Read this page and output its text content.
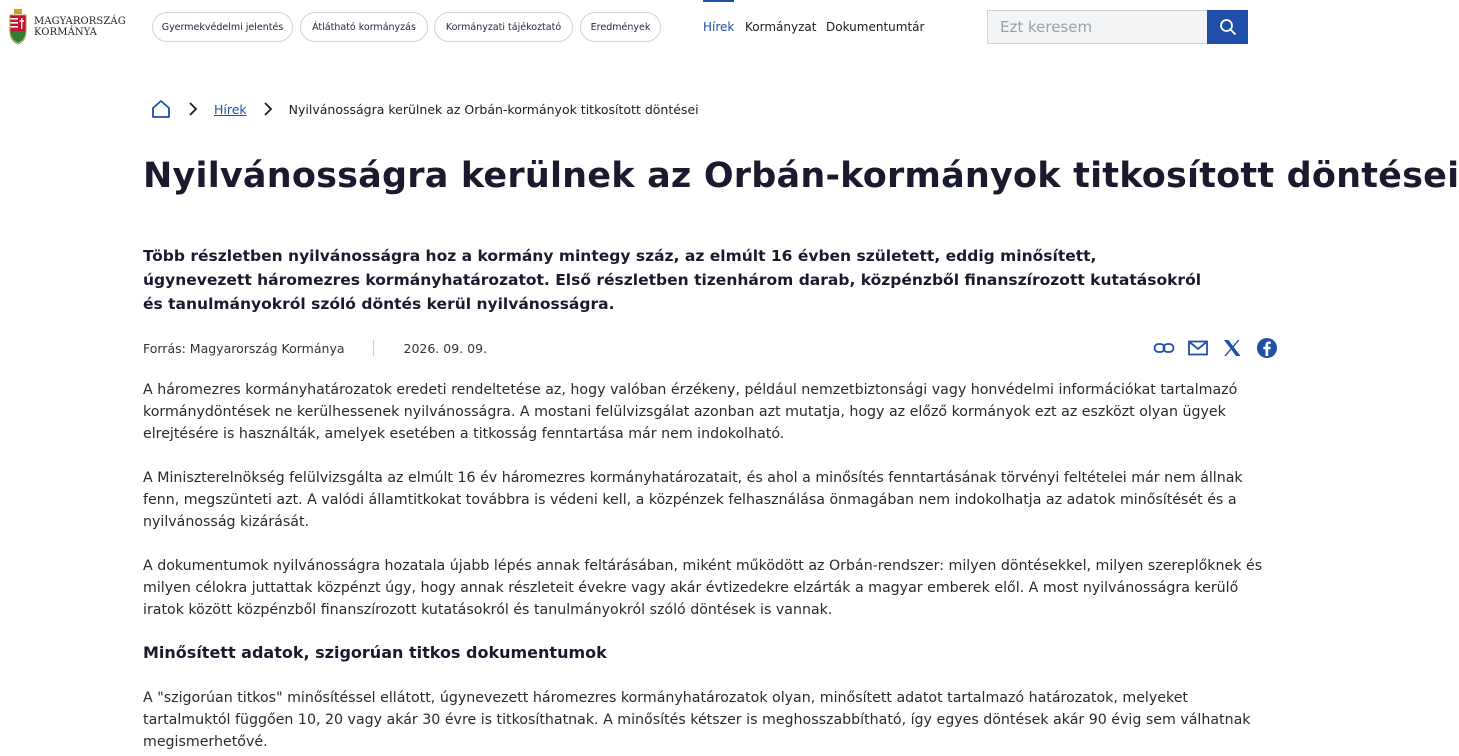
MAGYARORSZÁG
KORMÁNYA	Gyermekvédelmi jelentés	Átlátható kormányzás	Kormányzati tájékoztató	Eredmények	Hírek Kormányzat Dokumentumtár
Ezt keresem
Hírek	Nyilvánosságra kerülnek az Orbán-kormányok titkosított döntései
Nyilvánosságra kerülnek az Orbán-kormányok titkosított döntései

Több részletben nyilvánosságra hoz a kormány mintegy száz, az elmúlt 16 évben született, eddig minősített, úgynevezett háromezres kormányhatározatot. Első részletben tizenhárom darab, közpénzből finanszírozott kutatásokról és tanulmányokról szóló döntés kerül nyilvánosságra.

Forrás: Magyarország Kormánya	2026. 09. 09.

A háromezres kormányhatározatok eredeti rendeltetése az, hogy valóban érzékeny, például nemzetbiztonsági vagy honvédelmi információkat tartalmazó kormánydöntések ne kerülhessenek nyilvánosságra. A mostani felülvizsgálat azonban azt mutatja, hogy az előző kormányok ezt az eszközt olyan ügyek elrejtésére is használták, amelyek esetében a titkosság fenntartása már nem indokolható.

A Miniszterelnökség felülvizsgálta az elmúlt 16 év háromezres kormányhatározatait, és ahol a minősítés fenntartásának törvényi feltételei már nem állnak fenn, megszünteti azt. A valódi államtitkokat továbbra is védeni kell, a közpénzek felhasználása önmagában nem indokolhatja az adatok minősítését és a nyilvánosság kizárását.

A dokumentumok nyilvánosságra hozatala újabb lépés annak feltárásában, miként működött az Orbán-rendszer: milyen döntésekkel, milyen szereplőknek és milyen célokra juttattak közpénzt úgy, hogy annak részleteit évekre vagy akár évtizedekre elzárták a magyar emberek elől. A most nyilvánosságra kerülő iratok között közpénzből finanszírozott kutatásokról és tanulmányokról szóló döntések is vannak.

Minősített adatok, szigorúan titkos dokumentumok

A "szigorúan titkos" minősítéssel ellátott, úgynevezett háromezres kormányhatározatok olyan, minősített adatot tartalmazó határozatok, melyeket tartalmuktól függően 10, 20 vagy akár 30 évre is titkosíthatnak. A minősítés kétszer is meghosszabbítható, így egyes döntések akár 90 évig sem válhatnak megismerhetővé.
